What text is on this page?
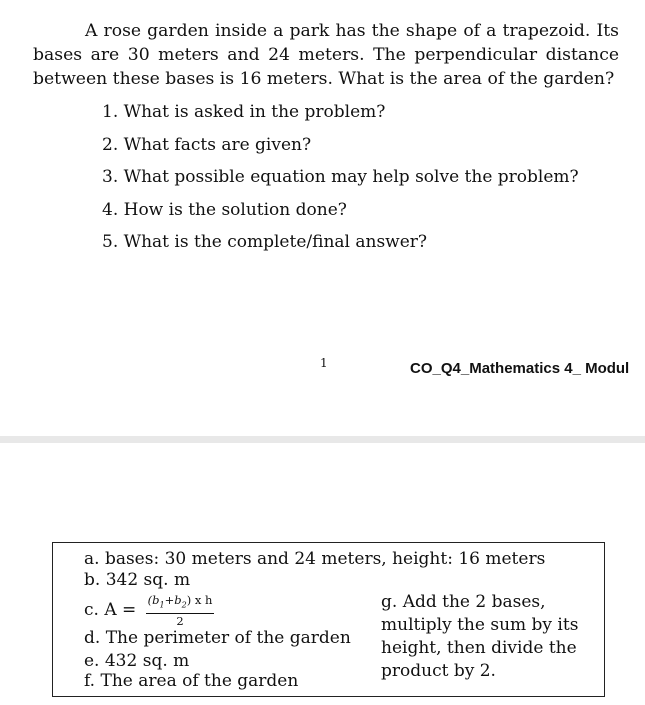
A rose garden inside a park has the shape of a trapezoid. Its bases are 30 meters and 24 meters. The perpendicular distance between these bases is 16 meters. What is the area of the garden?

1. What is asked in the problem?
2. What facts are given?
3. What possible equation may help solve the problem?
4. How is the solution done?
5. What is the complete/final answer?
1	CO_Q4_Mathematics 4_ Modul
a. bases: 30 meters and 24 meters, height: 16 meters
b. 342 sq. m
c. $A = \frac{(b_1+b_2) x h}{2}$
d. The perimeter of the garden
e. 432 sq. m
f. The area of the garden
g. Add the 2 bases, multiply the sum by its height, then divide the product by 2.
